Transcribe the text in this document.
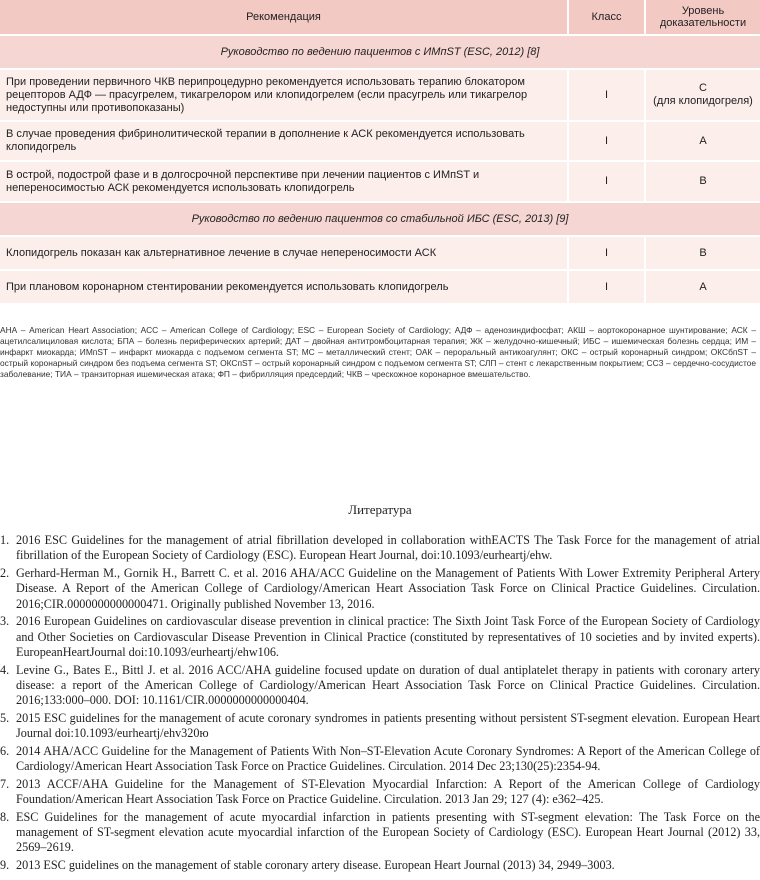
Рекомендация	Класс	Уровень доказательности
Руководство по ведению пациентов с ИМпST (ESC, 2012) [8]		
При проведении первичного ЧКВ перипроцедурно рекомендуется использовать терапию блокатором рецепторов АДФ — прасугрелем, тикагрелором или клопидогрелем (если прасугрель или тикагрелор недоступны или противопоказаны)	I	С
(для клопидогреля)

В случае проведения фибринолитической терапии в дополнение к АСК рекомендуется использовать клопидогрель	I	А
В острой, подострой фазе и в долгосрочной перспективе при лечении пациентов с ИМпST и непереносимостью АСК рекомендуется использовать клопидогрель	I	В
Руководство по ведению пациентов со стабильной ИБС (ESC, 2013) [9]		
Клопидогрель показан как альтернативное лечение в случае непереносимости АСК	I	В
При плановом коронарном стентировании рекомендуется использовать клопидогрель	I	А
АНА – American Heart Association; АСС – American College of Cardiology; ESC – European Society of Cardiology; АДФ – аденозиндифосфат; АКШ – аортокоронарное шунтирование; АСК – ацетилсалициловая кислота; БПА – болезнь периферических артерий; ДАТ – двойная антитромбоцитарная терапия; ЖК – желудочно-кишечный; ИБС – ишемическая болезнь сердца; ИМ – инфаркт миокарда; ИМпST – инфаркт миокарда с подъемом сегмента ST; МС – металлический стент; ОАК – пероральный антикоагулянт; ОКС – острый коронарный синдром; ОКСбпST – острый коронарный синдром без подъема сегмента ST; ОКСпST – острый коронарный синдром с подъемом сегмента ST; СЛП – стент с лекарственным покрытием; ССЗ – сердечно-сосудистое заболевание; ТИА – транзиторная ишемическая атака; ФП – фибрилляция предсердий; ЧКВ – чрескожное коронарное вмешательство.
Литература
1. 2016 ESC Guidelines for the management of atrial fibrillation developed in collaboration withEACTS The Task Force for the management of atrial fibrillation of the European Society of Cardiology (ESC). European Heart Journal, doi:10.1093/eurheartj/ehw.
2. Gerhard-Herman M., Gornik H., Barrett C. et al. 2016 AHA/ACC Guideline on the Management of Patients With Lower Extremity Peripheral Artery Disease. A Report of the American College of Cardiology/American Heart Association Task Force on Clinical Practice Guidelines. Circulation. 2016;CIR.0000000000000471. Originally published November 13, 2016.
3. 2016 European Guidelines on cardiovascular disease prevention in clinical practice: The Sixth Joint Task Force of the European Society of Cardiology and Other Societies on Cardiovascular Disease Prevention in Clinical Practice (constituted by representatives of 10 societies and by invited experts). EuropeanHeartJournal doi:10.1093/eurheartj/ehw106.
4. Levine G., Bates E., Bittl J. et al. 2016 ACC/AHA guideline focused update on duration of dual antiplatelet therapy in patients with coronary artery disease: a report of the American College of Cardiology/American Heart Association Task Force on Clinical Practice Guidelines. Circulation. 2016;133:000–000. DOI: 10.1161/CIR.0000000000000404.
5. 2015 ESC guidelines for the management of acute coronary syndromes in patients presenting without persistent ST-segment elevation. European Heart Journal doi:10.1093/eurheartj/ehv320ю
6. 2014 AHA/ACC Guideline for the Management of Patients With Non–ST-Elevation Acute Coronary Syndromes: A Report of the American College of Cardiology/American Heart Association Task Force on Practice Guidelines. Circulation. 2014 Dec 23;130(25):2354-94.
7. 2013 ACCF/AHA Guideline for the Management of ST-Elevation Myocardial Infarction: A Report of the American College of Cardiology Foundation/American Heart Association Task Force on Practice Guideline. Circulation. 2013 Jan 29; 127 (4): e362–425.
8. ESC Guidelines for the management of acute myocardial infarction in patients presenting with ST-segment elevation: The Task Force on the management of ST-segment elevation acute myocardial infarction of the European Society of Cardiology (ESC). European Heart Journal (2012) 33, 2569–2619.
9. 2013 ESC guidelines on the management of stable coronary artery disease. European Heart Journal (2013) 34, 2949–3003.
